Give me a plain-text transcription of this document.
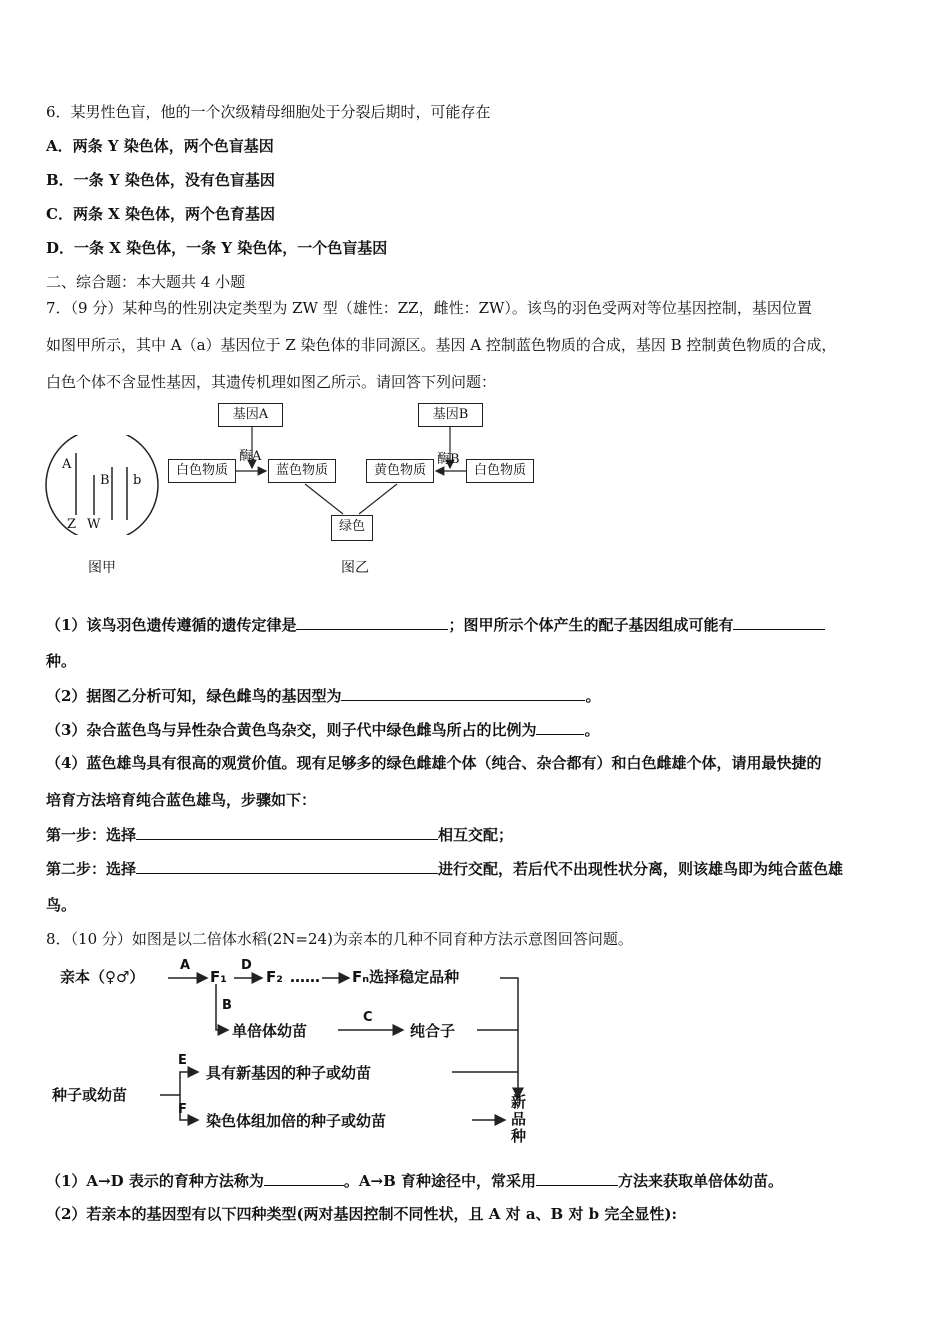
6．某男性色盲，他的一个次级精母细胞处于分裂后期时，可能存在
A．两条 Y 染色体，两个色盲基因
B．一条 Y 染色体，没有色盲基因
C．两条 X 染色体，两个色育基因
D．一条 X 染色体，一条 Y 染色体，一个色盲基因
二、综合题：本大题共 4 小题
7．（9 分）某种鸟的性别决定类型为 ZW 型（雄性：ZZ，雌性：ZW）。该鸟的羽色受两对等位基因控制，基因位置
如图甲所示，其中 A（a）基因位于 Z 染色体的非同源区。基因 A 控制蓝色物质的合成，基因 B 控制黄色物质的合成，
白色个体不含显性基因，其遗传机理如图乙所示。请回答下列问题：
A
B b
Z W
图甲
基因A	基因B
酶A	酶B
白色物质	蓝色物质	黄色物质	白色物质
绿色
图乙
（1）该鸟羽色遗传遵循的遗传定律是	；图甲所示个体产生的配子基因组成可能有
种。
（2）据图乙分析可知，绿色雌鸟的基因型为	。
（3）杂合蓝色鸟与异性杂合黄色鸟杂交，则子代中绿色雌鸟所占的比例为	。
（4）蓝色雄鸟具有很高的观赏价值。现有足够多的绿色雌雄个体（纯合、杂合都有）和白色雌雄个体，请用最快捷的
培育方法培育纯合蓝色雄鸟，步骤如下：
第一步：选择	相互交配；
第二步：选择	进行交配，若后代不出现性状分离，则该雄鸟即为纯合蓝色雄
鸟。
8．（10 分）如图是以二倍体水稻(2N=24)为亲本的几种不同育种方法示意图回答问题。
亲本（♀♂）
A
F₁
D
F₂ …… Fₙ选择稳定品种
B
单倍体幼苗
C
纯合子
种子或幼苗
E
具有新基因的种子或幼苗
F
染色体组加倍的种子或幼苗
新
品
种
（1）A→D 表示的育种方法称为	。A→B 育种途径中，常采用	方法来获取单倍体幼苗。
（2）若亲本的基因型有以下四种类型(两对基因控制不同性状，且 A 对 a、B 对 b 完全显性):
